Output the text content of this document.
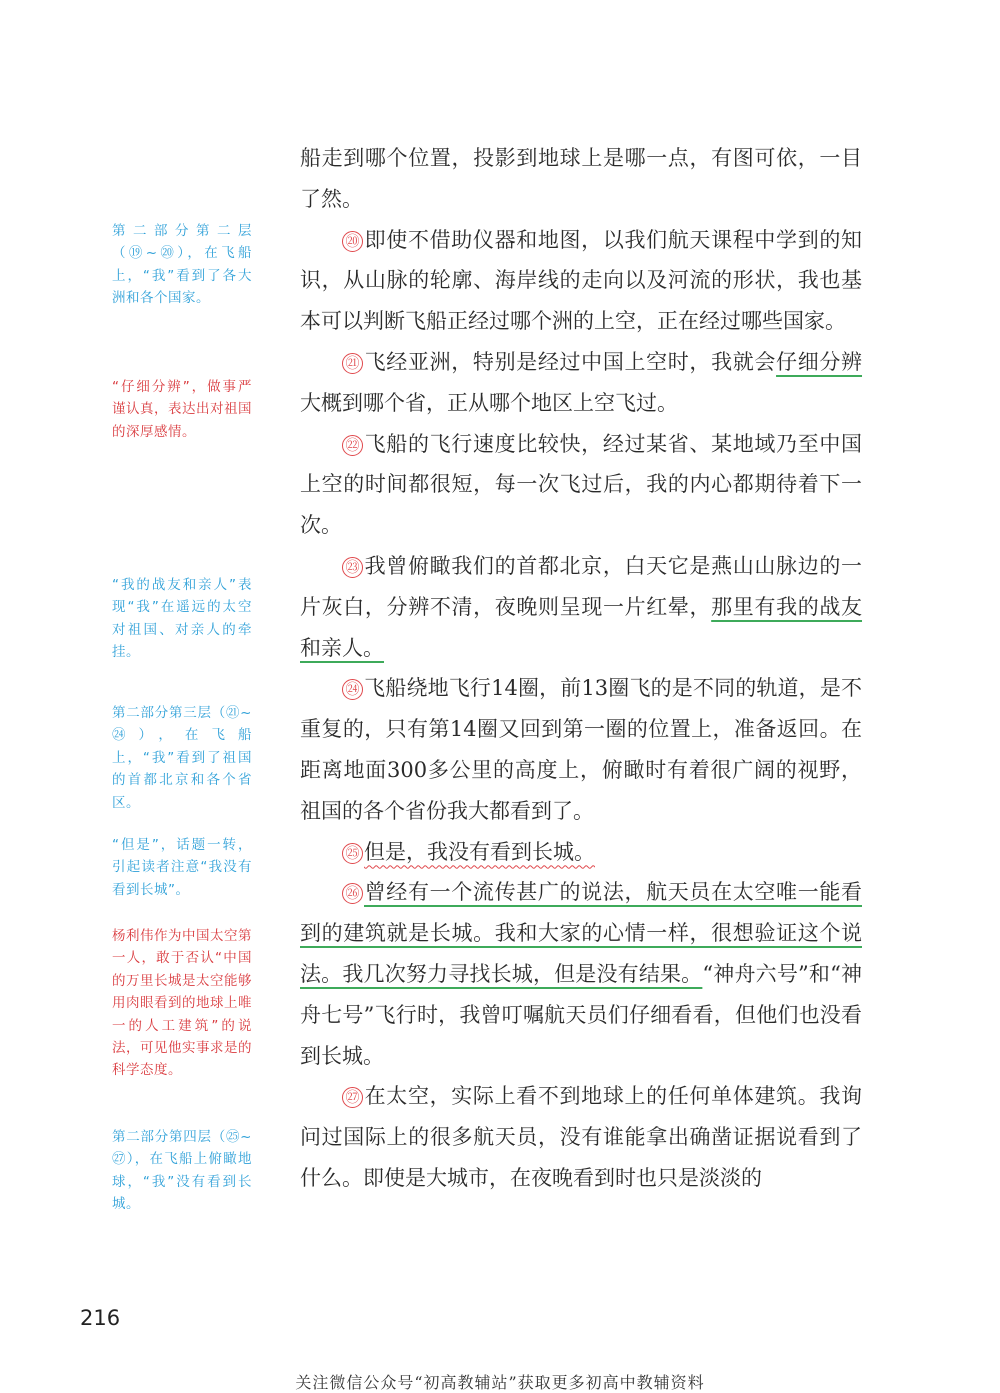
第二部分第二层（⑲~⑳），在飞船上，“我”看到了各大洲和各个国家。
“仔细分辨”，做事严谨认真，表达出对祖国的深厚感情。
“我的战友和亲人”表现“我”在遥远的太空对祖国、对亲人的牵挂。
第二部分第三层（㉑~㉔），在飞船上，“我”看到了祖国的首都北京和各个省区。
“但是”，话题一转，引起读者注意“我没有看到长城”。
杨利伟作为中国太空第一人，敢于否认“中国的万里长城是太空能够用肉眼看到的地球上唯一的人工建筑”的说法，可见他实事求是的科学态度。
第二部分第四层（㉕~㉗），在飞船上俯瞰地球，“我”没有看到长城。

船走到哪个位置，投影到地球上是哪一点，有图可依，一目了然。

⑳ 即使不借助仪器和地图，以我们航天课程中学到的知识，从山脉的轮廓、海岸线的走向以及河流的形状，我也基本可以判断飞船正经过哪个洲的上空，正在经过哪些国家。

㉑ 飞经亚洲，特别是经过中国上空时，我就会仔细分辨大概到哪个省，正从哪个地区上空飞过。

㉒ 飞船的飞行速度比较快，经过某省、某地域乃至中国上空的时间都很短，每一次飞过后，我的内心都期待着下一次。

㉓ 我曾俯瞰我们的首都北京，白天它是燕山山脉边的一片灰白，分辨不清，夜晚则呈现一片红晕，那里有我的战友和亲人。

㉔ 飞船绕地飞行14圈，前13圈飞的是不同的轨道，是不重复的，只有第14圈又回到第一圈的位置上，准备返回。在距离地面300多公里的高度上，俯瞰时有着很广阔的视野，祖国的各个省份我大都看到了。

㉕ 但是，我没有看到长城。

㉖ 曾经有一个流传甚广的说法，航天员在太空唯一能看到的建筑就是长城。我和大家的心情一样，很想验证这个说法。我几次努力寻找长城，但是没有结果。“神舟六号”和“神舟七号”飞行时，我曾叮嘱航天员们仔细看看，但他们也没看到长城。

㉗ 在太空，实际上看不到地球上的任何单体建筑。我询问过国际上的很多航天员，没有谁能拿出确凿证据说看到了什么。即使是大城市，在夜晚看到时也只是淡淡的

216
关注微信公众号“初高教辅站”获取更多初高中教辅资料
